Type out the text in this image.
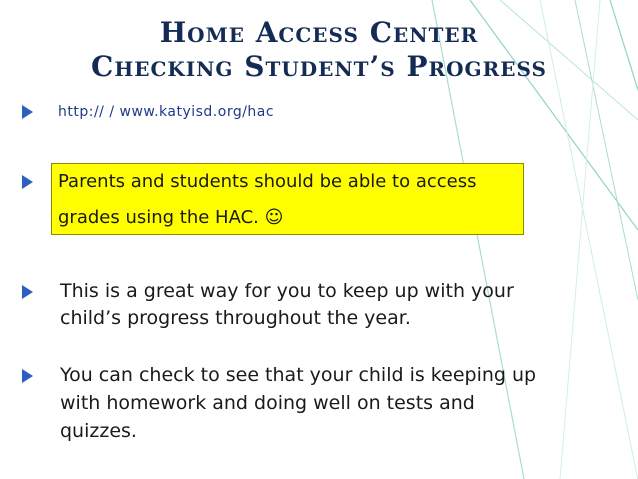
Home Access Center
Checking Student’s Progress
http:// / www.katyisd.org/hac
Parents and students should be able to access
grades using the HAC. ☺
This is a great way for you to keep up with your
child’s progress throughout the year.
You can check to see that your child is keeping up
with homework and doing well on tests and
quizzes.
